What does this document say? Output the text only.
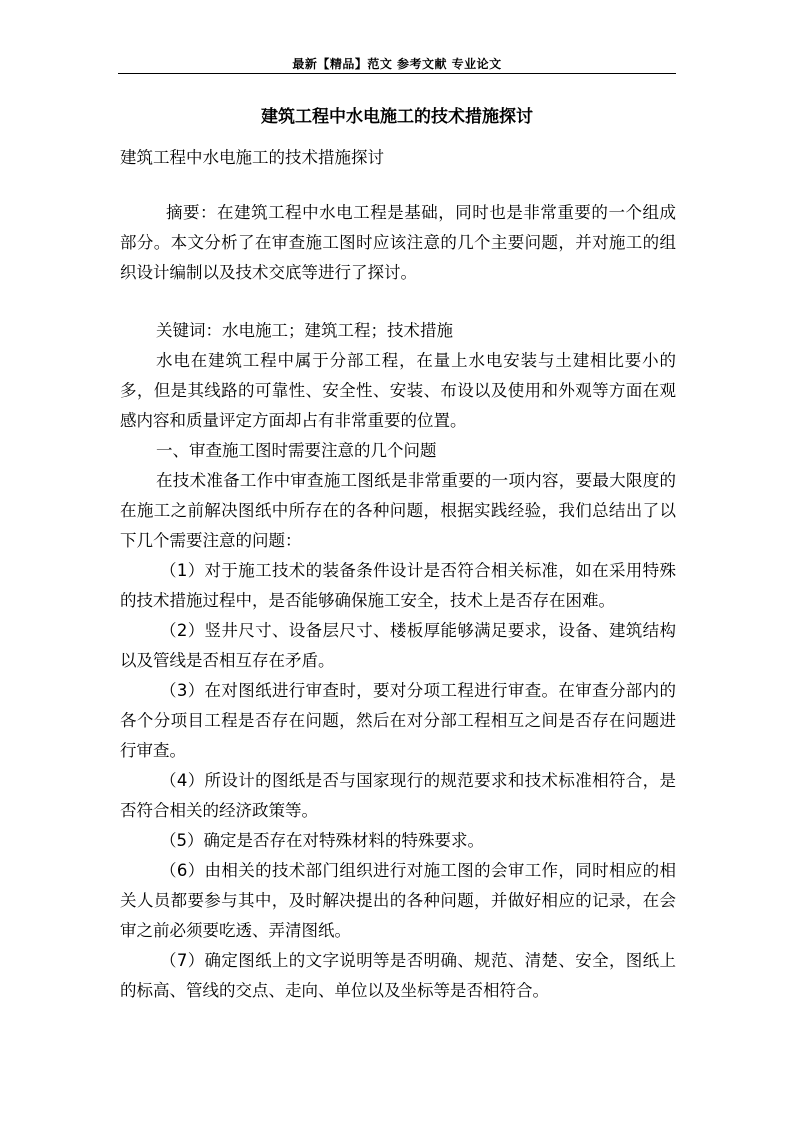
最新【精品】范文 参考文献 专业论文
建筑工程中水电施工的技术措施探讨
建筑工程中水电施工的技术措施探讨
摘要：在建筑工程中水电工程是基础，同时也是非常重要的一个组成部分。本文分析了在审查施工图时应该注意的几个主要问题，并对施工的组织设计编制以及技术交底等进行了探讨。
关键词：水电施工；建筑工程；技术措施

水电在建筑工程中属于分部工程，在量上水电安装与土建相比要小的多，但是其线路的可靠性、安全性、安装、布设以及使用和外观等方面在观感内容和质量评定方面却占有非常重要的位置。

一、审查施工图时需要注意的几个问题

在技术准备工作中审查施工图纸是非常重要的一项内容，要最大限度的在施工之前解决图纸中所存在的各种问题，根据实践经验，我们总结出了以下几个需要注意的问题：

（1）对于施工技术的装备条件设计是否符合相关标准，如在采用特殊的技术措施过程中，是否能够确保施工安全，技术上是否存在困难。

（2）竖井尺寸、设备层尺寸、楼板厚能够满足要求，设备、建筑结构以及管线是否相互存在矛盾。

（3）在对图纸进行审查时，要对分项工程进行审查。在审查分部内的各个分项目工程是否存在问题，然后在对分部工程相互之间是否存在问题进行审查。

（4）所设计的图纸是否与国家现行的规范要求和技术标准相符合，是否符合相关的经济政策等。

（5）确定是否存在对特殊材料的特殊要求。

（6）由相关的技术部门组织进行对施工图的会审工作，同时相应的相关人员都要参与其中，及时解决提出的各种问题，并做好相应的记录，在会审之前必须要吃透、弄清图纸。

（7）确定图纸上的文字说明等是否明确、规范、清楚、安全，图纸上的标高、管线的交点、走向、单位以及坐标等是否相符合。
